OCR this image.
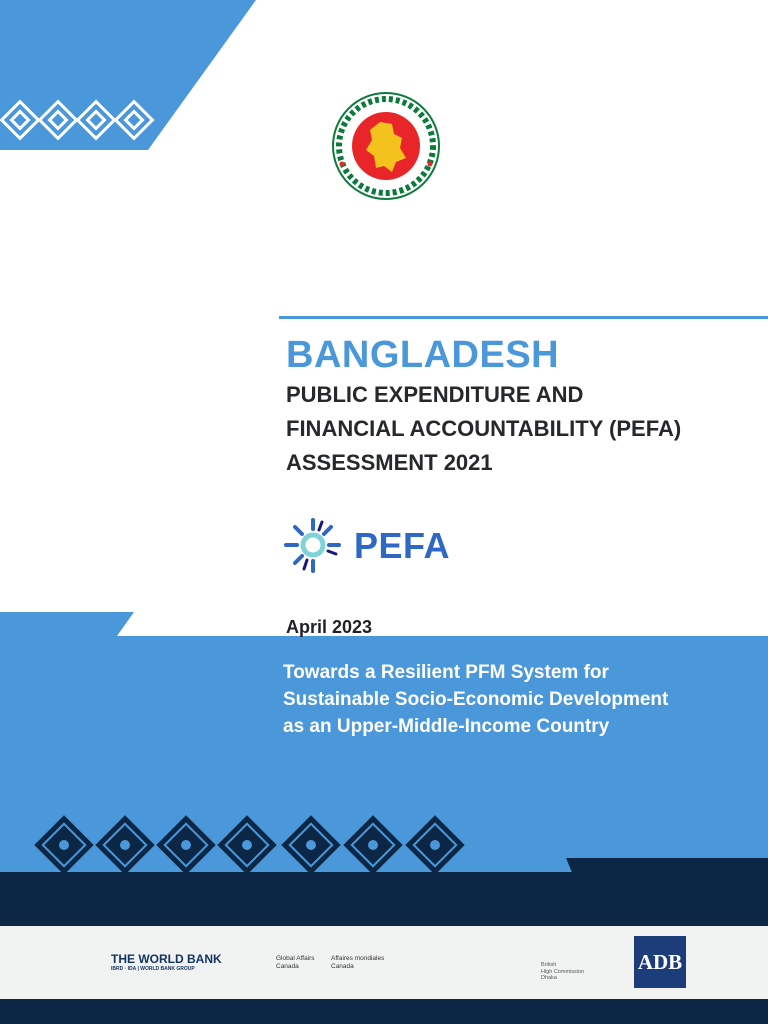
BANGLADESH
PUBLIC EXPENDITURE AND
FINANCIAL ACCOUNTABILITY (PEFA)
ASSESSMENT 2021
PEFA
April 2023
Towards a Resilient PFM System for
Sustainable Socio-Economic Development
as an Upper-Middle-Income Country
THE WORLD BANK
IBRD · IDA | WORLD BANK GROUP
Global Affairs
Canada
Affaires mondiales
Canada	British
High Commission
Dhaka
ADB
